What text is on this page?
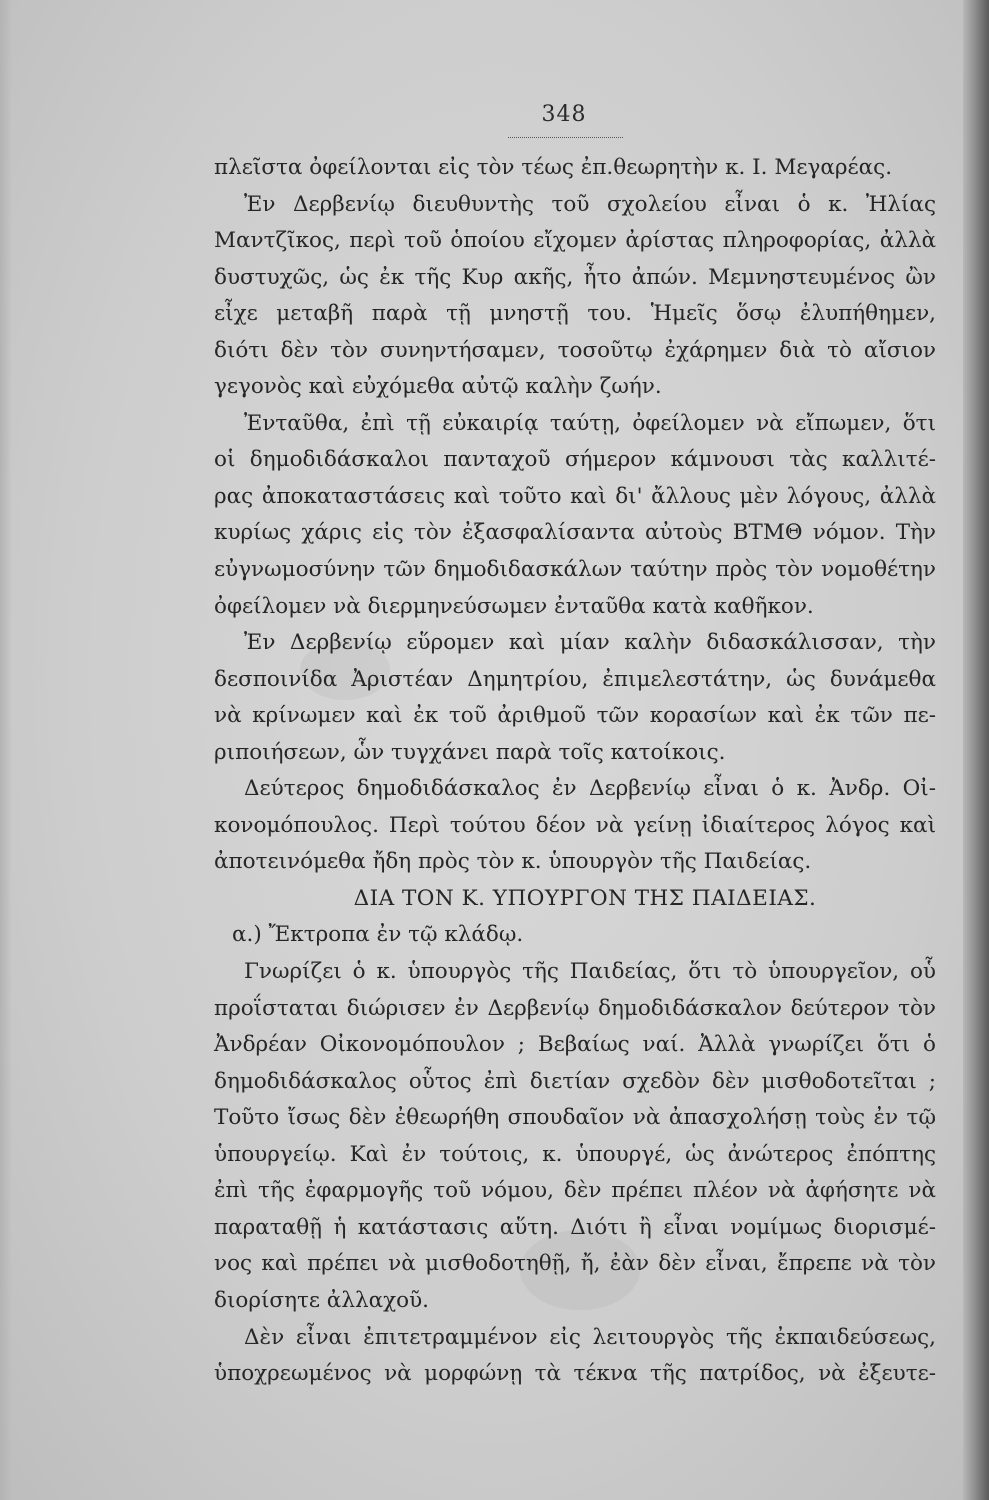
348
πλεῖστα ὀφείλονται εἰς τὸν τέως ἐπ.θεωρητὴν κ. Ι. Μεγαρέας.
Ἐν Δερβενίῳ διευθυντὴς τοῦ σχολείου εἶναι ὁ κ. Ἠλίας
Μαντζῖκος, περὶ τοῦ ὁποίου εἴχομεν ἀρίστας πληροφορίας, ἀλλὰ
δυστυχῶς, ὡς ἐκ τῆς Κυρ ακῆς, ἦτο ἀπών. Μεμνηστευμένος ὢν
εἶχε μεταβῆ παρὰ τῇ μνηστῇ του. Ἡμεῖς ὅσῳ ἐλυπήθημεν,
διότι δὲν τὸν συνηντήσαμεν, τοσοῦτῳ ἐχάρημεν διὰ τὸ αἴσιον
γεγονὸς καὶ εὐχόμεθα αὐτῷ καλὴν ζωήν.
Ἐνταῦθα, ἐπὶ τῇ εὐκαιρίᾳ ταύτῃ, ὀφείλομεν νὰ εἴπωμεν, ὅτι
οἱ δημοδιδάσκαλοι πανταχοῦ σήμερον κάμνουσι τὰς καλλιτέ-
ρας ἀποκαταστάσεις καὶ τοῦτο καὶ δι' ἄλλους μὲν λόγους, ἀλλὰ
κυρίως χάρις εἰς τὸν ἐξασφαλίσαντα αὐτοὺς ΒΤΜΘ νόμον. Τὴν
εὐγνωμοσύνην τῶν δημοδιδασκάλων ταύτην πρὸς τὸν νομοθέτην
ὀφείλομεν νὰ διερμηνεύσωμεν ἐνταῦθα κατὰ καθῆκον.
Ἐν Δερβενίῳ εὕρομεν καὶ μίαν καλὴν διδασκάλισσαν, τὴν
δεσποινίδα Ἀριστέαν Δημητρίου, ἐπιμελεστάτην, ὡς δυνάμεθα
νὰ κρίνωμεν καὶ ἐκ τοῦ ἀριθμοῦ τῶν κορασίων καὶ ἐκ τῶν πε-
ριποιήσεων, ὧν τυγχάνει παρὰ τοῖς κατοίκοις.
Δεύτερος δημοδιδάσκαλος ἐν Δερβενίῳ εἶναι ὁ κ. Ἀνδρ. Οἰ-
κονομόπουλος. Περὶ τούτου δέον νὰ γείνῃ ἰδιαίτερος λόγος καὶ
ἀποτεινόμεθα ἤδη πρὸς τὸν κ. ὑπουργὸν τῆς Παιδείας.
ΔΙΑ ΤΟΝ Κ. ΥΠΟΥΡΓΟΝ ΤΗΣ ΠΑΙΔΕΙΑΣ.
α.) Ἔκτροπα ἐν τῷ κλάδῳ.
Γνωρίζει ὁ κ. ὑπουργὸς τῆς Παιδείας, ὅτι τὸ ὑπουργεῖον, οὗ
προΐσταται διώρισεν ἐν Δερβενίῳ δημοδιδάσκαλον δεύτερον τὸν
Ἀνδρέαν Οἰκονομόπουλον ; Βεβαίως ναί. Ἀλλὰ γνωρίζει ὅτι ὁ
δημοδιδάσκαλος οὗτος ἐπὶ διετίαν σχεδὸν δὲν μισθοδοτεῖται ;
Τοῦτο ἴσως δὲν ἐθεωρήθη σπουδαῖον νὰ ἀπασχολήσῃ τοὺς ἐν τῷ
ὑπουργείῳ. Καὶ ἐν τούτοις, κ. ὑπουργέ, ὡς ἀνώτερος ἐπόπτης
ἐπὶ τῆς ἐφαρμογῆς τοῦ νόμου, δὲν πρέπει πλέον νὰ ἀφήσητε νὰ
παραταθῇ ἡ κατάστασις αὕτη. Διότι ἢ εἶναι νομίμως διορισμέ-
νος καὶ πρέπει νὰ μισθοδοτηθῇ, ἤ, ἐὰν δὲν εἶναι, ἔπρεπε νὰ τὸν
διορίσητε ἀλλαχοῦ.
Δὲν εἶναι ἐπιτετραμμένον εἰς λειτουργὸς τῆς ἐκπαιδεύσεως,
ὑποχρεωμένος νὰ μορφώνῃ τὰ τέκνα τῆς πατρίδος, νὰ ἐξευτε-
